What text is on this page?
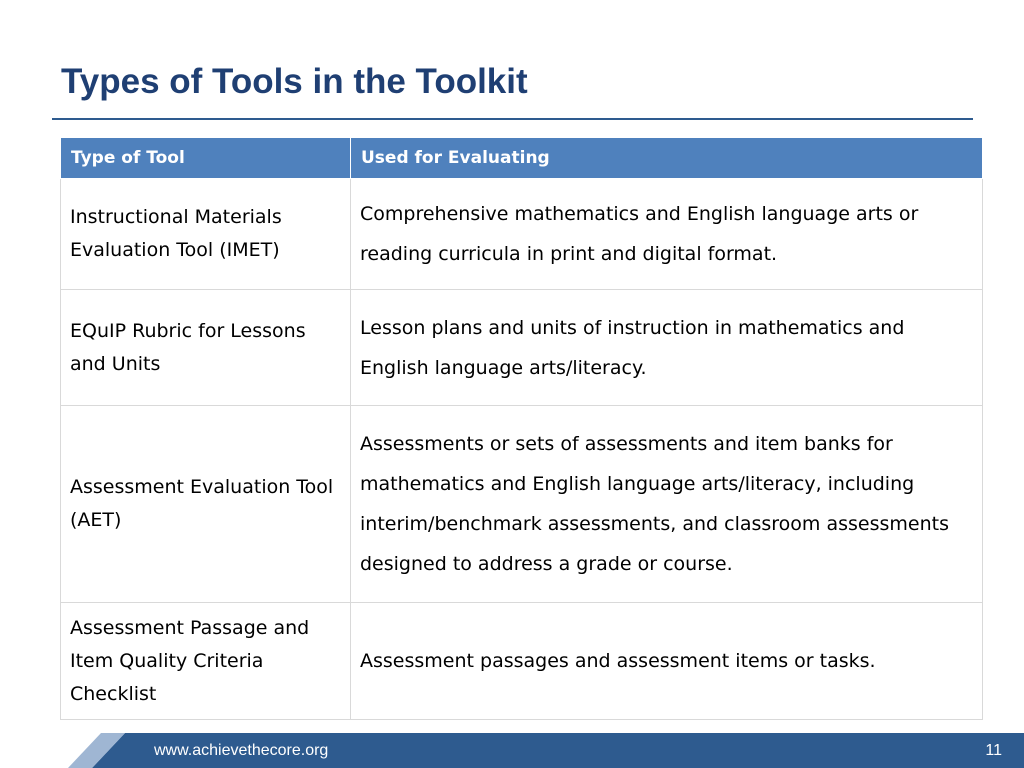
Types of Tools in the Toolkit
Type of Tool	Used for Evaluating
Instructional Materials Evaluation Tool (IMET)	Comprehensive mathematics and English language arts or reading curricula in print and digital format.
EQuIP Rubric for Lessons and Units	Lesson plans and units of instruction in mathematics and English language arts/literacy.
Assessment Evaluation Tool (AET)	Assessments or sets of assessments and item banks for mathematics and English language arts/literacy, including interim/benchmark assessments, and classroom assessments designed to address a grade or course.
Assessment Passage and Item Quality Criteria Checklist	Assessment passages and assessment items or tasks.
www.achievethecore.org	11
